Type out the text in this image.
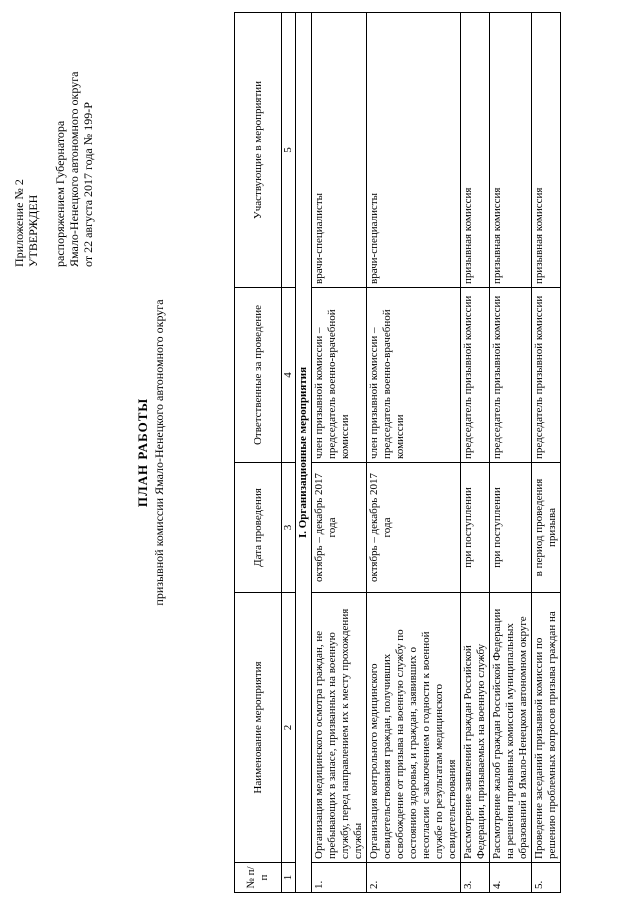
Приложение № 2 УТВЕРЖДЕН распоряжением Губернатора Ямало-Ненецкого автономного округа от 22 августа 2017 года № 199-Р
ПЛАН РАБОТЫ призывной комиссии Ямало-Ненецкого автономного округа
№ п/п	Наименование мероприятия	Дата проведения	Ответственные за проведение	Участвующие в мероприятии
1	2	3	4	5
I. Организационные мероприятия				
1.	Организация медицинского осмотра граждан, не пребывающих в запасе, призванных на военную службу, перед направлением их к месту прохождения службы	октябрь – декабрь 2017 года	член призывной комиссии – председатель военно-врачебной комиссии	врачи-специалисты
2.	Организация контрольного медицинского освидетельствования граждан, получивших освобождение от призыва на военную службу по состоянию здоровья, и граждан, заявивших о несогласии с заключением о годности к военной службе по результатам медицинского освидетельствования	октябрь – декабрь 2017 года	член призывной комиссии – председатель военно-врачебной комиссии	врачи-специалисты
3.	Рассмотрение заявлений граждан Российской Федерации, призываемых на военную службу	при поступлении	председатель призывной комиссии	призывная комиссия
4.	Рассмотрение жалоб граждан Российской Федерации на решения призывных комиссий муниципальных образований в Ямало-Ненецком автономном округе	при поступлении	председатель призывной комиссии	призывная комиссия
5.	Проведение заседаний призывной комиссии по решению проблемных вопросов призыва граждан на	в период проведения призыва	председатель призывной комиссии	призывная комиссия
